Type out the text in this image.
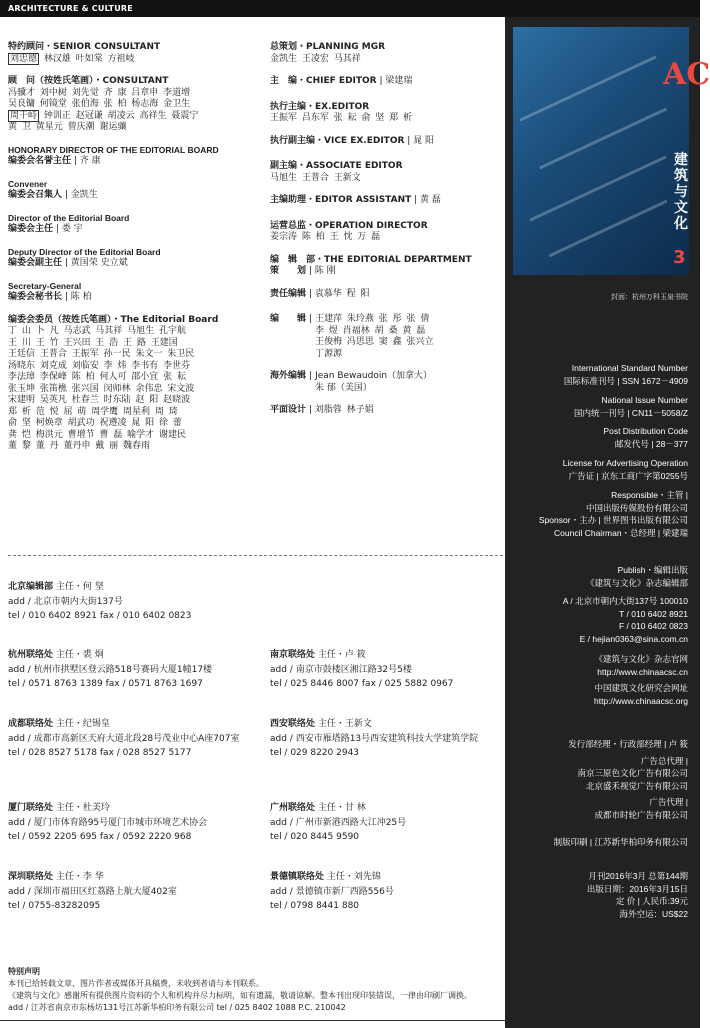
ARCHITECTURE & CULTURE
特约顾问・SENIOR CONSULTANT
刘忠德 林汉雄 叶如棠 方祖岐
顾　问（按姓氏笔画）・CONSULTANT
冯骥才 刘中树 刘先觉 齐 康 吕章申 李道增
吴良镛 何镜堂 张伯海 张 柏 杨志海 金卫生
周干峙 钟训正 赵冠谦 胡凌云 高祥生 聂震宁
黄 卫 黄星元 曾庆潮 谢运骧
HONORARY DIRECTOR OF THE EDITORIAL BOARD
编委会名誉主任 | 齐 康
Convener
编委会召集人 | 金凯生
Director of the Editorial Board
编委会主任 | 娄 宇
Deputy Director of the Editorial Board
编委会副主任 | 黄国荣 史立斌
Secretary-General
编委会秘书长 | 陈 柏
编委会委员（按姓氏笔画）・The Editorial Board
丁 山 卜 凡 马志武 马其祥 马旭生 孔宇航
王 川 王 竹 王兴田 王 浩 王 路 王建国
王廷信 王普合 王振军 孙一民 朱文一 朱卫民
汤晓东 刘克成 刘临安 李 炜 李书有 李世芬
李法璋 李保峰 陈 柏 何人可 邵小宜 张 耘
张玉坤 张笛樵 张兴国 闵师林 余伟忠 宋文波
宋建明 吴英凡 杜春兰 时东陆 赵 阳 赵晓波
郑 析 范 悦 屈 萌 周学鹰 周星利 周 琦
俞 坚 柯焕章 胡武功 祝遵凌 晁 阳 徐 蕾
龚 恺 梅洪元 曹增节 曹 磊 喻学才 谢建民
董 黎 董 丹 董丹申 戴 丽 魏春雨
总策划・PLANNING MGR
金凯生 王凌宏 马其祥
主　编・CHIEF EDITOR | 梁建瑞
执行主编・EX.EDITOR
王振军 吕东军 张 耘 俞 坚 郑 析
执行副主编・VICE EX.EDITOR | 晁 阳
副主编・ASSOCIATE EDITOR
马旭生 王普合 王新文
主编助理・EDITOR ASSISTANT | 黄 磊
运营总监・OPERATION DIRECTOR
姜宗涛 陈 柏 王 忱 万 磊
编　辑　部・THE EDITORIAL DEPARTMENT
策　　划 | 陈 刚
责任编辑 | 袁慕华 程 阳
编　　辑 | 王建萍 朱玲燕 张 彤 张 倩
李 煜 肖福林 胡 桑 黄 磊
王俊梅 冯思思 窦 鑫 张兴立
丁源源
海外编辑 | Jean Bewaudoin（加拿大）
朱 郁（美国）
平面设计 | 刘脂蓉 林子娟
北京编辑部 主任・何 坚
add / 北京市朝内大街137号
tel / 010 6402 8921 fax / 010 6402 0823
杭州联络处 主任・裘 炯
add / 杭州市拱墅区登云路518号赛码大厦1幢17楼
tel / 0571 8763 1389 fax / 0571 8763 1697
南京联络处 主任・卢 筱
add / 南京市鼓楼区湘江路32号5楼
tel / 025 8446 8007 fax / 025 5882 0967
成都联络处 主任・纪锡皇
add / 成都市高新区天府大道北段28号茂业中心A座707室
tel / 028 8527 5178 fax / 028 8527 5177
西安联络处 主任・王新文
add / 西安市雁塔路13号西安建筑科技大学建筑学院
tel / 029 8220 2943
厦门联络处 主任・杜美玲
add / 厦门市体育路95号厦门市城市环境艺术协会
tel / 0592 2205 695 fax / 0592 2220 968
广州联络处 主任・甘 林
add / 广州市新港西路大江冲25号
tel / 020 8445 9590
深圳联络处 主任・李 华
add / 深圳市福田区红荔路上航大厦402室
tel / 0755-83282095
景德镇联络处 主任・刘先锦
add / 景德镇市新厂西路556号
tel / 0798 8441 880
特别声明
本刊已给转载文章、图片作者或媒体开具稿费，未收到者请与本刊联系。
《建筑与文化》感谢所有提供图片资料的个人和机构并尽力标明，如有遗漏，敬请谅解。整本刊出现印装错误，一律由印刷厂调换。
add / 江苏省南京市东杨坊131号江苏新华柏印务有限公司 tel / 025 8402 1088 P.C. 210042
AC
建筑与文化
3
封面：杭州万科玉泉书院
International Standard Number
国际标准刊号 | SSN 1672－4909
National Issue Number
国内统一刊号 | CN11－5058/Z
Post Distribution Code
邮发代号 | 28－377
License for Advertising Operation
广告证 | 京东工商广字第0255号
Responsible・主管 |
中国出版传媒股份有限公司
Sponsor・主办 | 世界图书出版有限公司
Council Chairman・总经理 | 梁建瑞
Publish・编辑出版
《建筑与文化》杂志编辑部
A / 北京市朝内大街137号 100010
T / 010 6402 8921
F / 010 6402 0823
E / hejian0363@sina.com.cn
《建筑与文化》杂志官网
http://www.chinaacsc.cn
中国建筑文化研究会网址
http://www.chinaacsc.org
发行部经理・行政部经理 | 卢 筱
广告总代理 |
南京三原色文化广告有限公司
北京盛禾视觉广告有限公司
广告代理 |
成都市时轮广告有限公司
制版印刷 | 江苏新华柏印务有限公司
月刊2016年3月 总第144期
出版日期：2016年3月15日
定 价 | 人民币:39元
海外空运：US$22
